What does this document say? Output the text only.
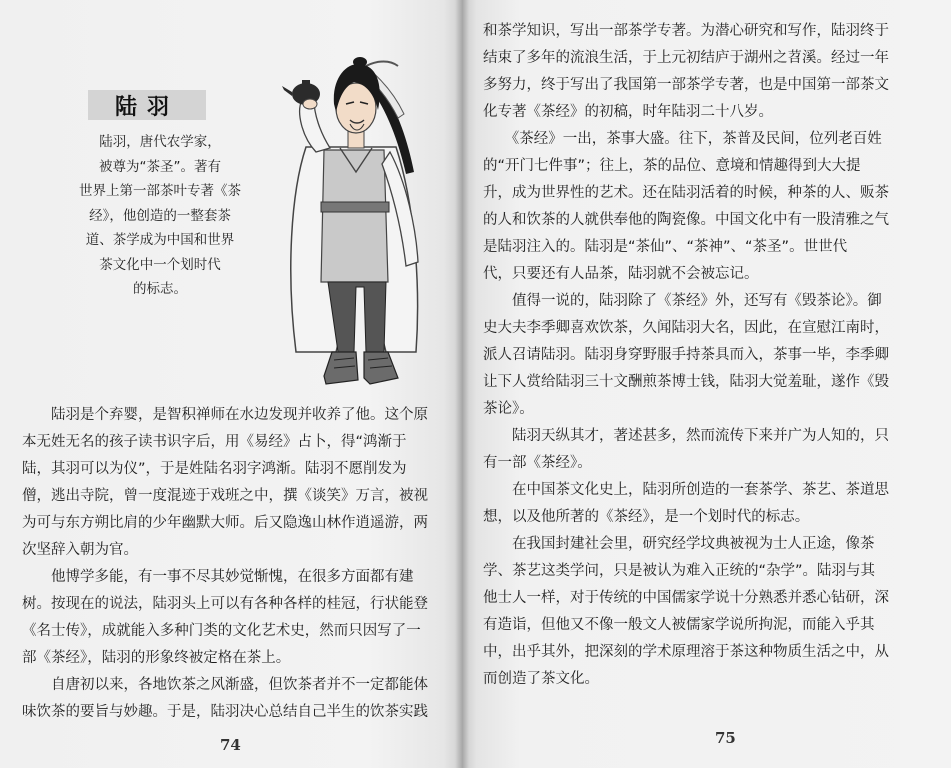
陆羽
陆羽，唐代农学家，
被尊为“茶圣”。著有
世界上第一部茶叶专著《茶
经》，他创造的一整套茶
道、茶学成为中国和世界
茶文化中一个划时代
的标志。
　　陆羽是个弃婴，是智积禅师在水边发现并收养了他。这个原
本无姓无名的孩子读书识字后，用《易经》占卜，得“鸿渐于
陆，其羽可以为仪”，于是姓陆名羽字鸿渐。陆羽不愿削发为
僧，逃出寺院，曾一度混迹于戏班之中，撰《谈笑》万言，被视
为可与东方朔比肩的少年幽默大师。后又隐逸山林作逍遥游，两
次坚辞入朝为官。
　　他博学多能，有一事不尽其妙觉惭愧，在很多方面都有建
树。按现在的说法，陆羽头上可以有各种各样的桂冠，行状能登
《名士传》，成就能入多种门类的文化艺术史，然而只因写了一
部《茶经》，陆羽的形象终被定格在茶上。
　　自唐初以来，各地饮茶之风渐盛，但饮茶者并不一定都能体
味饮茶的要旨与妙趣。于是，陆羽决心总结自己半生的饮茶实践
74
和茶学知识，写出一部茶学专著。为潜心研究和写作，陆羽终于
结束了多年的流浪生活，于上元初结庐于湖州之苕溪。经过一年
多努力，终于写出了我国第一部茶学专著，也是中国第一部茶文
化专著《茶经》的初稿，时年陆羽二十八岁。
　　《茶经》一出，茶事大盛。往下，茶普及民间，位列老百姓
的“开门七件事”；往上，茶的品位、意境和情趣得到大大提
升，成为世界性的艺术。还在陆羽活着的时候，种茶的人、贩茶
的人和饮茶的人就供奉他的陶瓷像。中国文化中有一股清雅之气
是陆羽注入的。陆羽是“茶仙”、“茶神”、“茶圣”。世世代
代，只要还有人品茶，陆羽就不会被忘记。
　　值得一说的，陆羽除了《茶经》外，还写有《毁茶论》。御
史大夫李季卿喜欢饮茶，久闻陆羽大名，因此，在宣慰江南时，
派人召请陆羽。陆羽身穿野服手持茶具而入，茶事一毕，李季卿
让下人赏给陆羽三十文酬煎茶博士钱，陆羽大觉羞耻，遂作《毁
茶论》。
　　陆羽天纵其才，著述甚多，然而流传下来并广为人知的，只
有一部《茶经》。
　　在中国茶文化史上，陆羽所创造的一套茶学、茶艺、茶道思
想，以及他所著的《茶经》，是一个划时代的标志。
　　在我国封建社会里，研究经学坟典被视为士人正途，像茶
学、茶艺这类学问，只是被认为难入正统的“杂学”。陆羽与其
他士人一样，对于传统的中国儒家学说十分熟悉并悉心钻研，深
有造诣，但他又不像一般文人被儒家学说所拘泥，而能入乎其
中，出乎其外，把深刻的学术原理溶于茶这种物质生活之中，从
而创造了茶文化。
75
